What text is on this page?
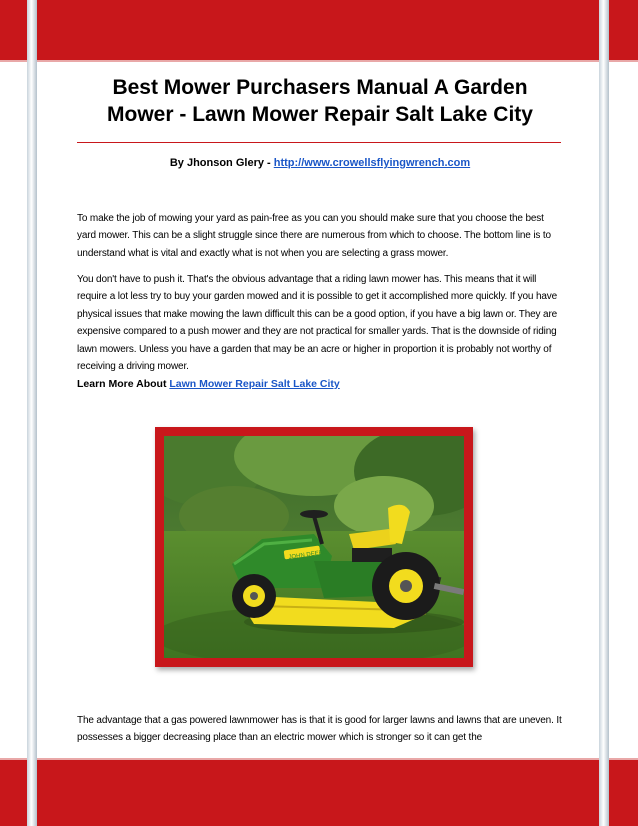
Best Mower Purchasers Manual A Garden Mower - Lawn Mower Repair Salt Lake City
By Jhonson Glery - http://www.crowellsflyingwrench.com

To make the job of mowing your yard as pain-free as you can you should make sure that you choose the best yard mower. This can be a slight struggle since there are numerous from which to choose. The bottom line is to understand what is vital and exactly what is not when you are selecting a grass mower.

You don't have to push it. That's the obvious advantage that a riding lawn mower has. This means that it will require a lot less try to buy your garden mowed and it is possible to get it accomplished more quickly. If you have physical issues that make mowing the lawn difficult this can be a good option, if you have a big lawn or. They are expensive compared to a push mower and they are not practical for smaller yards. That is the downside of riding lawn mowers. Unless you have a garden that may be an acre or higher in proportion it is probably not worthy of receiving a driving mower.

Learn More About Lawn Mower Repair Salt Lake City
JOHN DEERE

The advantage that a gas powered lawnmower has is that it is good for larger lawns and lawns that are uneven. It possesses a bigger decreasing place than an electric mower which is stronger so it can get the
